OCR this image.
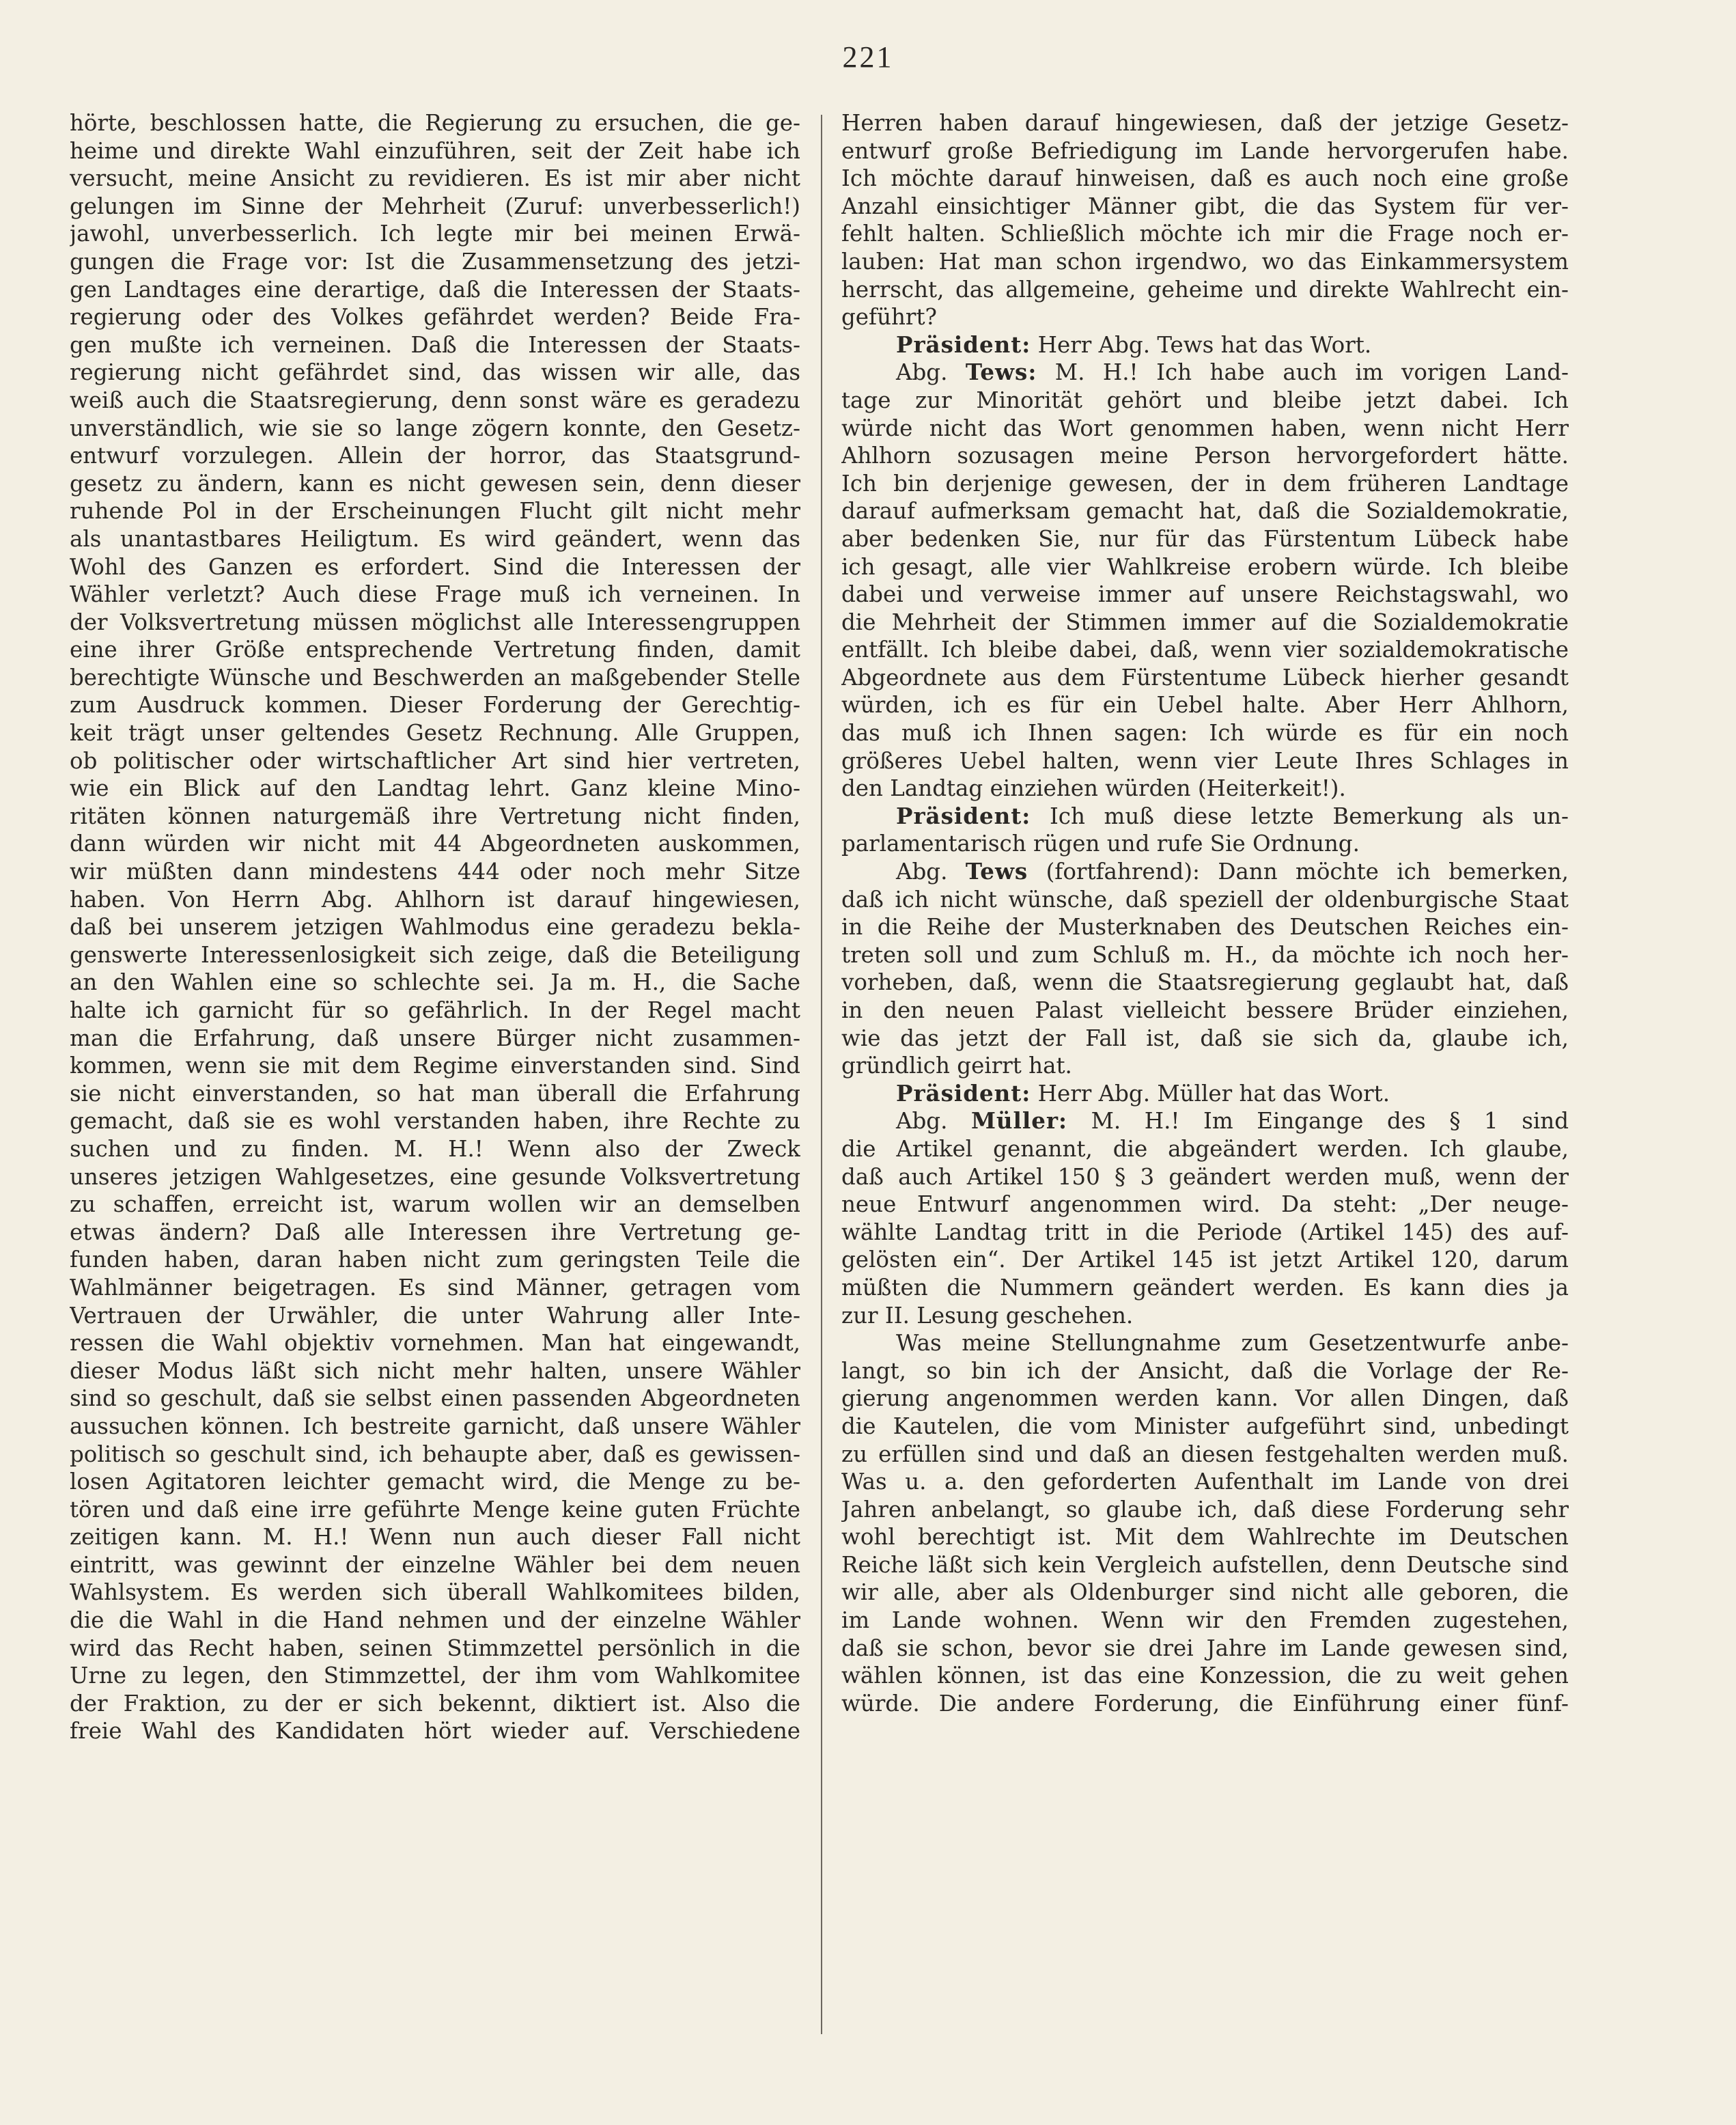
221
hörte, beschlossen hatte, die Regierung zu ersuchen, die ge-
heime und direkte Wahl einzuführen, seit der Zeit habe ich
versucht, meine Ansicht zu revidieren. Es ist mir aber nicht
gelungen im Sinne der Mehrheit (Zuruf: unverbesserlich!)
jawohl, unverbesserlich. Ich legte mir bei meinen Erwä-
gungen die Frage vor: Ist die Zusammensetzung des jetzi-
gen Landtages eine derartige, daß die Interessen der Staats-
regierung oder des Volkes gefährdet werden? Beide Fra-
gen mußte ich verneinen. Daß die Interessen der Staats-
regierung nicht gefährdet sind, das wissen wir alle, das
weiß auch die Staatsregierung, denn sonst wäre es geradezu
unverständlich, wie sie so lange zögern konnte, den Gesetz-
entwurf vorzulegen. Allein der horror, das Staatsgrund-
gesetz zu ändern, kann es nicht gewesen sein, denn dieser
ruhende Pol in der Erscheinungen Flucht gilt nicht mehr
als unantastbares Heiligtum. Es wird geändert, wenn das
Wohl des Ganzen es erfordert. Sind die Interessen der
Wähler verletzt? Auch diese Frage muß ich verneinen. In
der Volksvertretung müssen möglichst alle Interessengruppen
eine ihrer Größe entsprechende Vertretung finden, damit
berechtigte Wünsche und Beschwerden an maßgebender Stelle
zum Ausdruck kommen. Dieser Forderung der Gerechtig-
keit trägt unser geltendes Gesetz Rechnung. Alle Gruppen,
ob politischer oder wirtschaftlicher Art sind hier vertreten,
wie ein Blick auf den Landtag lehrt. Ganz kleine Mino-
ritäten können naturgemäß ihre Vertretung nicht finden,
dann würden wir nicht mit 44 Abgeordneten auskommen,
wir müßten dann mindestens 444 oder noch mehr Sitze
haben. Von Herrn Abg. Ahlhorn ist darauf hingewiesen,
daß bei unserem jetzigen Wahlmodus eine geradezu bekla-
genswerte Interessenlosigkeit sich zeige, daß die Beteiligung
an den Wahlen eine so schlechte sei. Ja m. H., die Sache
halte ich garnicht für so gefährlich. In der Regel macht
man die Erfahrung, daß unsere Bürger nicht zusammen-
kommen, wenn sie mit dem Regime einverstanden sind. Sind
sie nicht einverstanden, so hat man überall die Erfahrung
gemacht, daß sie es wohl verstanden haben, ihre Rechte zu
suchen und zu finden. M. H.! Wenn also der Zweck
unseres jetzigen Wahlgesetzes, eine gesunde Volksvertretung
zu schaffen, erreicht ist, warum wollen wir an demselben
etwas ändern? Daß alle Interessen ihre Vertretung ge-
funden haben, daran haben nicht zum geringsten Teile die
Wahlmänner beigetragen. Es sind Männer, getragen vom
Vertrauen der Urwähler, die unter Wahrung aller Inte-
ressen die Wahl objektiv vornehmen. Man hat eingewandt,
dieser Modus läßt sich nicht mehr halten, unsere Wähler
sind so geschult, daß sie selbst einen passenden Abgeordneten
aussuchen können. Ich bestreite garnicht, daß unsere Wähler
politisch so geschult sind, ich behaupte aber, daß es gewissen-
losen Agitatoren leichter gemacht wird, die Menge zu be-
tören und daß eine irre geführte Menge keine guten Früchte
zeitigen kann. M. H.! Wenn nun auch dieser Fall nicht
eintritt, was gewinnt der einzelne Wähler bei dem neuen
Wahlsystem. Es werden sich überall Wahlkomitees bilden,
die die Wahl in die Hand nehmen und der einzelne Wähler
wird das Recht haben, seinen Stimmzettel persönlich in die
Urne zu legen, den Stimmzettel, der ihm vom Wahlkomitee
der Fraktion, zu der er sich bekennt, diktiert ist. Also die
freie Wahl des Kandidaten hört wieder auf. Verschiedene
Herren haben darauf hingewiesen, daß der jetzige Gesetz-
entwurf große Befriedigung im Lande hervorgerufen habe.
Ich möchte darauf hinweisen, daß es auch noch eine große
Anzahl einsichtiger Männer gibt, die das System für ver-
fehlt halten. Schließlich möchte ich mir die Frage noch er-
lauben: Hat man schon irgendwo, wo das Einkammersystem
herrscht, das allgemeine, geheime und direkte Wahlrecht ein-
geführt?
Präsident: Herr Abg. Tews hat das Wort.
Abg. Tews: M. H.! Ich habe auch im vorigen Land-
tage zur Minorität gehört und bleibe jetzt dabei. Ich
würde nicht das Wort genommen haben, wenn nicht Herr
Ahlhorn sozusagen meine Person hervorgefordert hätte.
Ich bin derjenige gewesen, der in dem früheren Landtage
darauf aufmerksam gemacht hat, daß die Sozialdemokratie,
aber bedenken Sie, nur für das Fürstentum Lübeck habe
ich gesagt, alle vier Wahlkreise erobern würde. Ich bleibe
dabei und verweise immer auf unsere Reichstagswahl, wo
die Mehrheit der Stimmen immer auf die Sozialdemokratie
entfällt. Ich bleibe dabei, daß, wenn vier sozialdemokratische
Abgeordnete aus dem Fürstentume Lübeck hierher gesandt
würden, ich es für ein Uebel halte. Aber Herr Ahlhorn,
das muß ich Ihnen sagen: Ich würde es für ein noch
größeres Uebel halten, wenn vier Leute Ihres Schlages in
den Landtag einziehen würden (Heiterkeit!).
Präsident: Ich muß diese letzte Bemerkung als un-
parlamentarisch rügen und rufe Sie Ordnung.
Abg. Tews (fortfahrend): Dann möchte ich bemerken,
daß ich nicht wünsche, daß speziell der oldenburgische Staat
in die Reihe der Musterknaben des Deutschen Reiches ein-
treten soll und zum Schluß m. H., da möchte ich noch her-
vorheben, daß, wenn die Staatsregierung geglaubt hat, daß
in den neuen Palast vielleicht bessere Brüder einziehen,
wie das jetzt der Fall ist, daß sie sich da, glaube ich,
gründlich geirrt hat.
Präsident: Herr Abg. Müller hat das Wort.
Abg. Müller: M. H.! Im Eingange des § 1 sind
die Artikel genannt, die abgeändert werden. Ich glaube,
daß auch Artikel 150 § 3 geändert werden muß, wenn der
neue Entwurf angenommen wird. Da steht: „Der neuge-
wählte Landtag tritt in die Periode (Artikel 145) des auf-
gelösten ein“. Der Artikel 145 ist jetzt Artikel 120, darum
müßten die Nummern geändert werden. Es kann dies ja
zur II. Lesung geschehen.
Was meine Stellungnahme zum Gesetzentwurfe anbe-
langt, so bin ich der Ansicht, daß die Vorlage der Re-
gierung angenommen werden kann. Vor allen Dingen, daß
die Kautelen, die vom Minister aufgeführt sind, unbedingt
zu erfüllen sind und daß an diesen festgehalten werden muß.
Was u. a. den geforderten Aufenthalt im Lande von drei
Jahren anbelangt, so glaube ich, daß diese Forderung sehr
wohl berechtigt ist. Mit dem Wahlrechte im Deutschen
Reiche läßt sich kein Vergleich aufstellen, denn Deutsche sind
wir alle, aber als Oldenburger sind nicht alle geboren, die
im Lande wohnen. Wenn wir den Fremden zugestehen,
daß sie schon, bevor sie drei Jahre im Lande gewesen sind,
wählen können, ist das eine Konzession, die zu weit gehen
würde. Die andere Forderung, die Einführung einer fünf-
